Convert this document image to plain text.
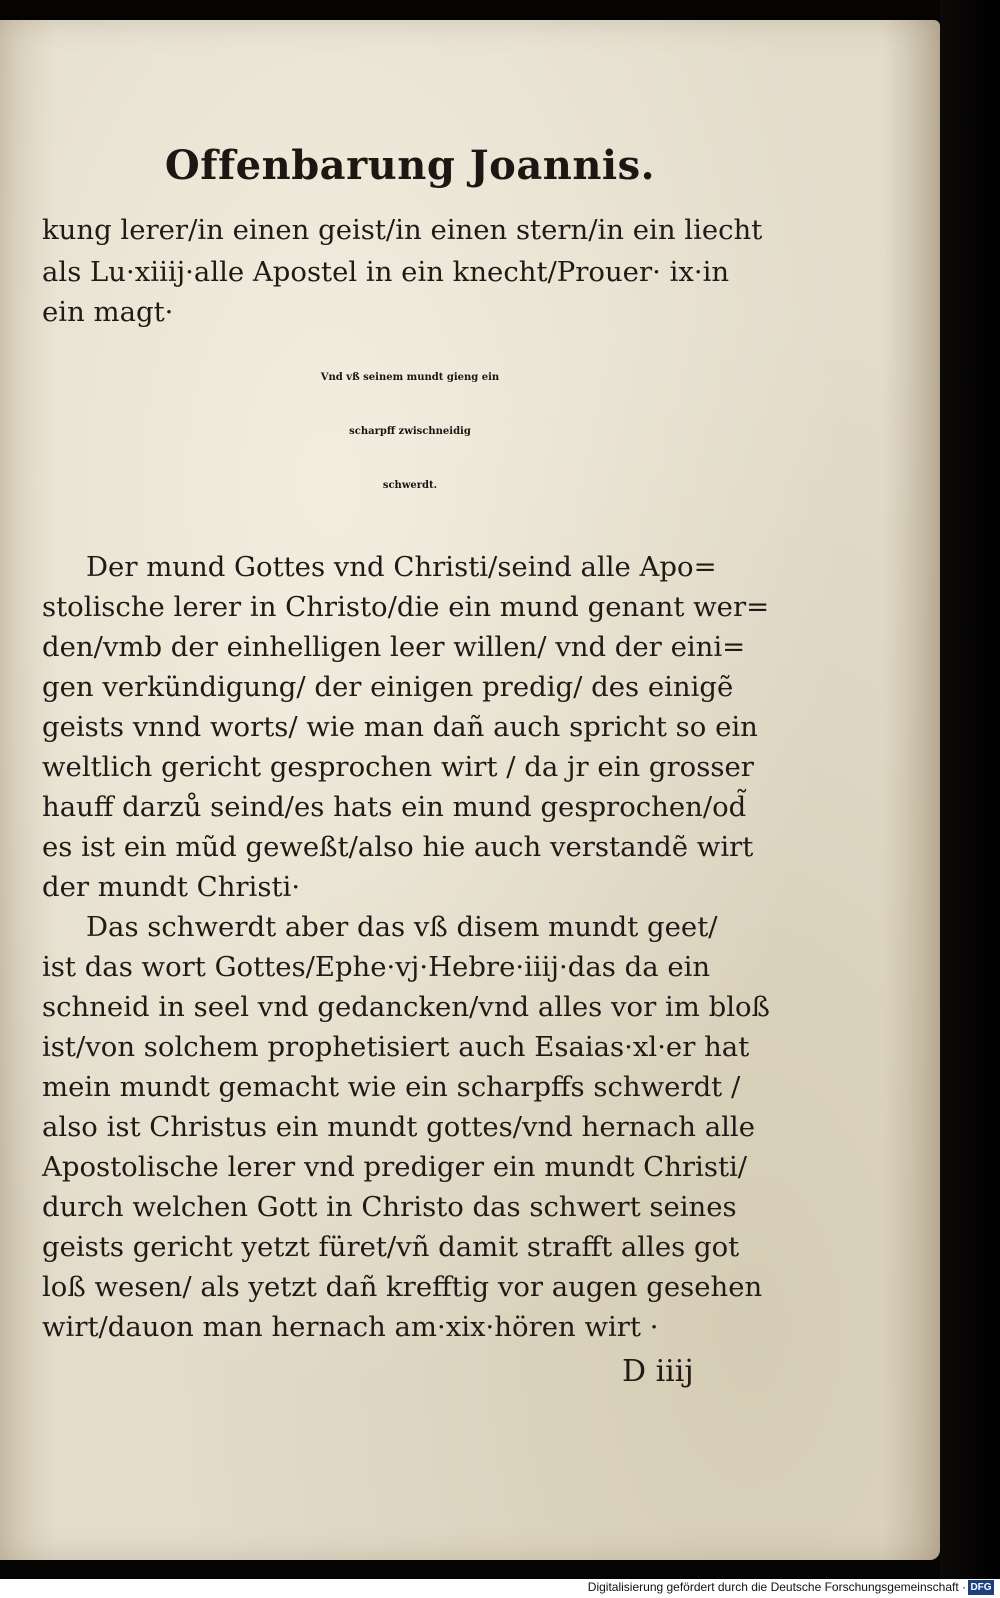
Offenbarung Joannis.
kung lerer/in einen geist/in einen stern/in ein liecht
als Lu·xiiij·alle Apostel in ein knecht/Prouer· ix·in
ein magt·
Vnd vß seinem mundt gieng ein
scharpff zwischneidig
schwerdt.
Der mund Gottes vnd Christi/seind alle Apo=
stolische lerer in Christo/die ein mund genant wer=
den/vmb der einhelligen leer willen/ vnd der eini=
gen verkündigung/ der einigen predig/ des einigẽ
geists vnnd worts/ wie man dañ auch spricht so ein
weltlich gericht gesprochen wirt / da jr ein grosser
hauff darzů seind/es hats ein mund gesprochen/od̃
es ist ein mũd geweßt/also hie auch verstandẽ wirt
der mundt Christi·
Das schwerdt aber das vß disem mundt geet/
ist das wort Gottes/Ephe·vj·Hebre·iiij·das da ein
schneid in seel vnd gedancken/vnd alles vor im bloß
ist/von solchem prophetisiert auch Esaias·xl·er hat
mein mundt gemacht wie ein scharpffs schwerdt /
also ist Christus ein mundt gottes/vnd hernach alle
Apostolische lerer vnd prediger ein mundt Christi/
durch welchen Gott in Christo das schwert seines
geists gericht yetzt füret/vñ damit strafft alles got
loß wesen/ als yetzt dañ krefftig vor augen gesehen
wirt/dauon man hernach am·xix·hören wirt ·
D iiij
Digitalisierung gefördert durch die Deutsche Forschungsgemeinschaft · DFG
